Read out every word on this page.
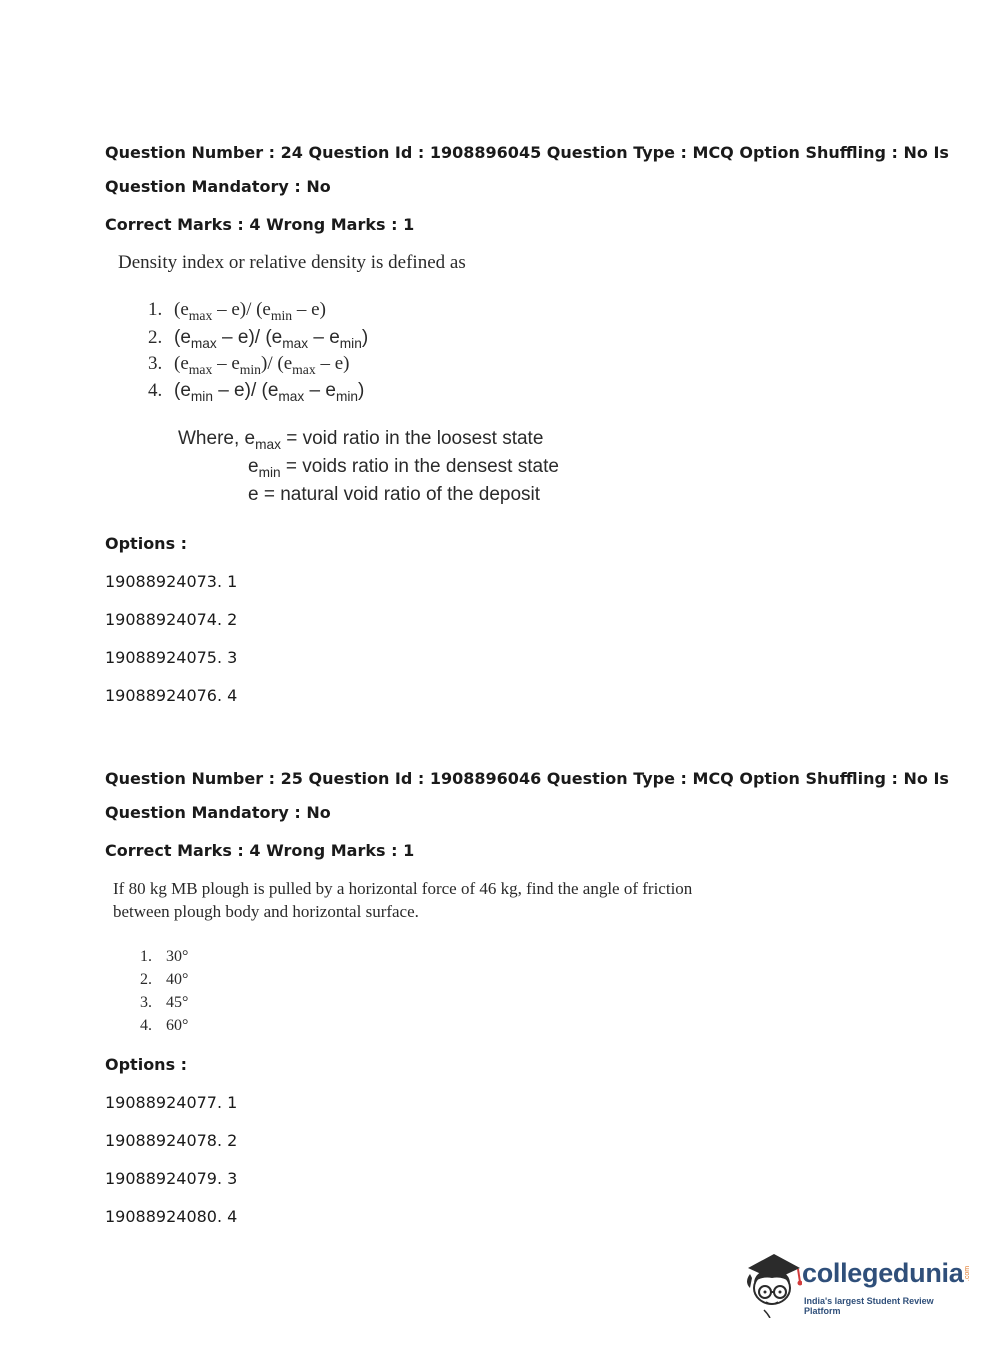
Question Number : 24 Question Id : 1908896045 Question Type : MCQ Option Shuffling : No Is
Question Mandatory : No
Correct Marks : 4 Wrong Marks : 1
Density index or relative density is defined as
1. $(e_{max} - e)/$ $(e_{min} - e)$
2. $(e_{max} - e)/$ $(e_{max} - e_{min})$
3. $(e_{max} - e_{min})/$ $(e_{max} - e)$
4. $(e_{min} - e)/$ $(e_{max} - e_{min})$
Where, $e_{max}$ = void ratio in the loosest state
$e_{min}$ = voids ratio in the densest state
e = natural void ratio of the deposit
Options :
19088924073. 1
19088924074. 2
19088924075. 3
19088924076. 4
Question Number : 25 Question Id : 1908896046 Question Type : MCQ Option Shuffling : No Is
Question Mandatory : No
Correct Marks : 4 Wrong Marks : 1
If 80 kg MB plough is pulled by a horizontal force of 46 kg, find the angle of friction
between plough body and horizontal surface.
1. 30°
2. 40°
3. 45°
4. 60°
Options :
19088924077. 1
19088924078. 2
19088924079. 3
19088924080. 4
collegedunia .com
India's largest Student Review Platform
